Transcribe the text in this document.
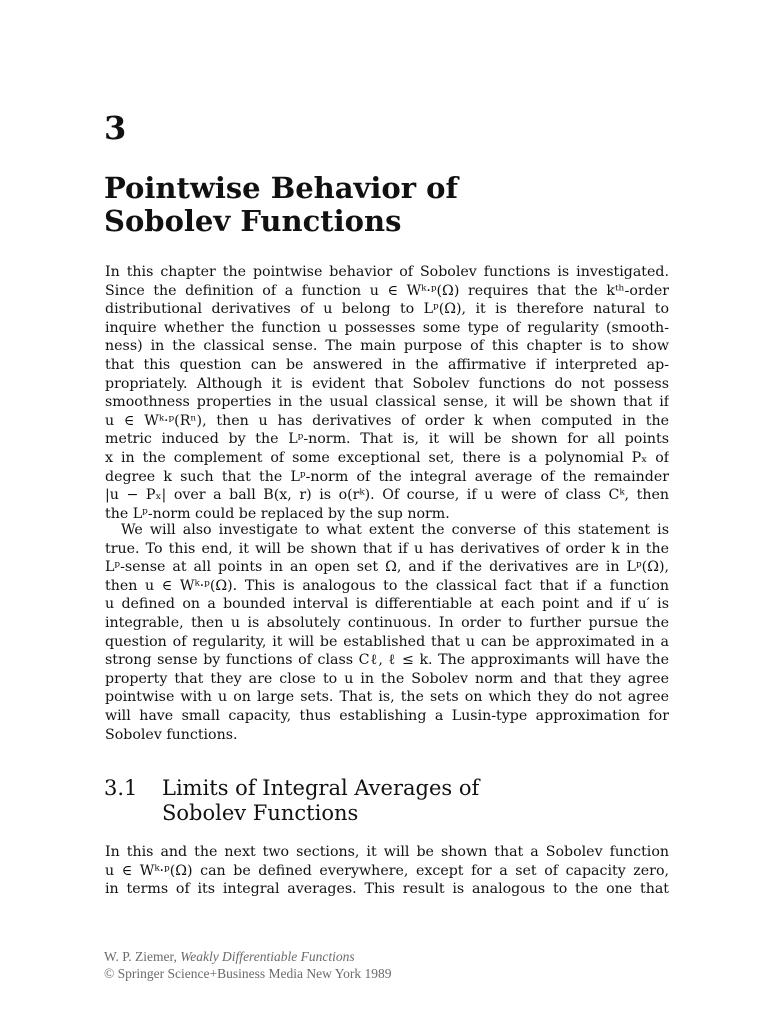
3
Pointwise Behavior of
Sobolev Functions

In this chapter the pointwise behavior of Sobolev functions is investigated.
Since the definition of a function u ∈ Wᵏ·ᵖ(Ω) requires that the kᵗʰ-order
distributional derivatives of u belong to Lᵖ(Ω), it is therefore natural to
inquire whether the function u possesses some type of regularity (smooth-
ness) in the classical sense. The main purpose of this chapter is to show
that this question can be answered in the affirmative if interpreted ap-
propriately. Although it is evident that Sobolev functions do not possess
smoothness properties in the usual classical sense, it will be shown that if
u ∈ Wᵏ·ᵖ(Rⁿ), then u has derivatives of order k when computed in the
metric induced by the Lᵖ-norm. That is, it will be shown for all points
x in the complement of some exceptional set, there is a polynomial Pₓ of
degree k such that the Lᵖ-norm of the integral average of the remainder
|u − Pₓ| over a ball B(x, r) is o(rᵏ). Of course, if u were of class Cᵏ, then
the Lᵖ-norm could be replaced by the sup norm.

We will also investigate to what extent the converse of this statement is
true. To this end, it will be shown that if u has derivatives of order k in the
Lᵖ-sense at all points in an open set Ω, and if the derivatives are in Lᵖ(Ω),
then u ∈ Wᵏ·ᵖ(Ω). This is analogous to the classical fact that if a function
u defined on a bounded interval is differentiable at each point and if u′ is
integrable, then u is absolutely continuous. In order to further pursue the
question of regularity, it will be established that u can be approximated in a
strong sense by functions of class Cℓ, ℓ ≤ k. The approximants will have the
property that they are close to u in the Sobolev norm and that they agree
pointwise with u on large sets. That is, the sets on which they do not agree
will have small capacity, thus establishing a Lusin-type approximation for
Sobolev functions.

3.1 Limits of Integral Averages of
Sobolev Functions

In this and the next two sections, it will be shown that a Sobolev function
u ∈ Wᵏ·ᵖ(Ω) can be defined everywhere, except for a set of capacity zero,
in terms of its integral averages. This result is analogous to the one that

W. P. Ziemer, Weakly Differentiable Functions
© Springer Science+Business Media New York 1989
